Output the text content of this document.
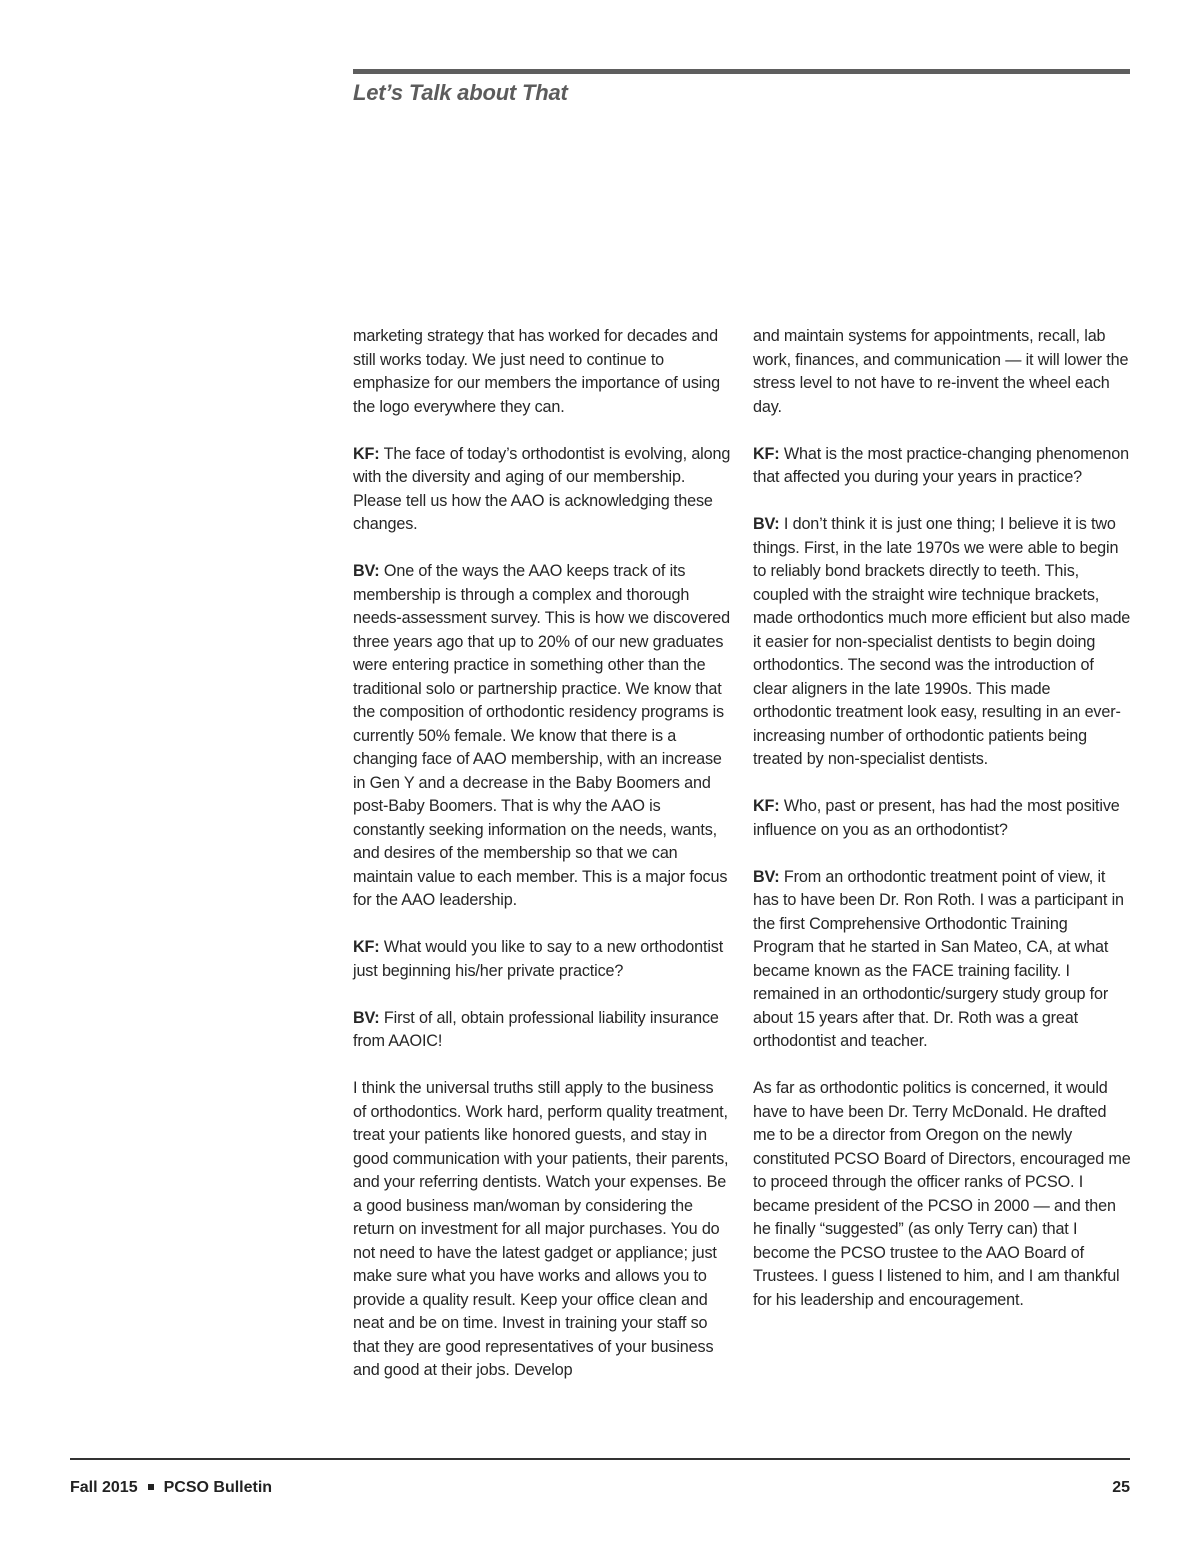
Let’s Talk about That

marketing strategy that has worked for decades and still works today. We just need to continue to emphasize for our members the importance of using the logo everywhere they can.

KF: The face of today’s orthodontist is evolving, along with the diversity and aging of our membership. Please tell us how the AAO is acknowledging these changes.

BV: One of the ways the AAO keeps track of its membership is through a complex and thorough needs-assessment survey. This is how we discovered three years ago that up to 20% of our new graduates were entering practice in something other than the traditional solo or partnership practice. We know that the composition of orthodontic residency programs is currently 50% female. We know that there is a changing face of AAO membership, with an increase in Gen Y and a decrease in the Baby Boomers and post-Baby Boomers. That is why the AAO is constantly seeking information on the needs, wants, and desires of the membership so that we can maintain value to each member. This is a major focus for the AAO leadership.

KF: What would you like to say to a new orthodontist just beginning his/her private practice?

BV: First of all, obtain professional liability insurance from AAOIC!

I think the universal truths still apply to the business of orthodontics. Work hard, perform quality treatment, treat your patients like honored guests, and stay in good communication with your patients, their parents, and your referring dentists. Watch your expenses. Be a good business man/woman by considering the return on investment for all major purchases. You do not need to have the latest gadget or appliance; just make sure what you have works and allows you to provide a quality result. Keep your office clean and neat and be on time. Invest in training your staff so that they are good representatives of your business and good at their jobs. Develop

and maintain systems for appointments, recall, lab work, finances, and communication — it will lower the stress level to not have to re-invent the wheel each day.

KF: What is the most practice-changing phenomenon that affected you during your years in practice?

BV: I don’t think it is just one thing; I believe it is two things. First, in the late 1970s we were able to begin to reliably bond brackets directly to teeth. This, coupled with the straight wire technique brackets, made orthodontics much more efficient but also made it easier for non-specialist dentists to begin doing orthodontics. The second was the introduction of clear aligners in the late 1990s. This made orthodontic treatment look easy, resulting in an ever-increasing number of orthodontic patients being treated by non-specialist dentists.

KF: Who, past or present, has had the most positive influence on you as an orthodontist?

BV: From an orthodontic treatment point of view, it has to have been Dr. Ron Roth. I was a participant in the first Comprehensive Orthodontic Training Program that he started in San Mateo, CA, at what became known as the FACE training facility. I remained in an orthodontic/surgery study group for about 15 years after that. Dr. Roth was a great orthodontist and teacher.

As far as orthodontic politics is concerned, it would have to have been Dr. Terry McDonald. He drafted me to be a director from Oregon on the newly constituted PCSO Board of Directors, encouraged me to proceed through the officer ranks of PCSO. I became president of the PCSO in 2000 — and then he finally “suggested” (as only Terry can) that I become the PCSO trustee to the AAO Board of Trustees. I guess I listened to him, and I am thankful for his leadership and encouragement.

Fall 2015 PCSO Bulletin	25
